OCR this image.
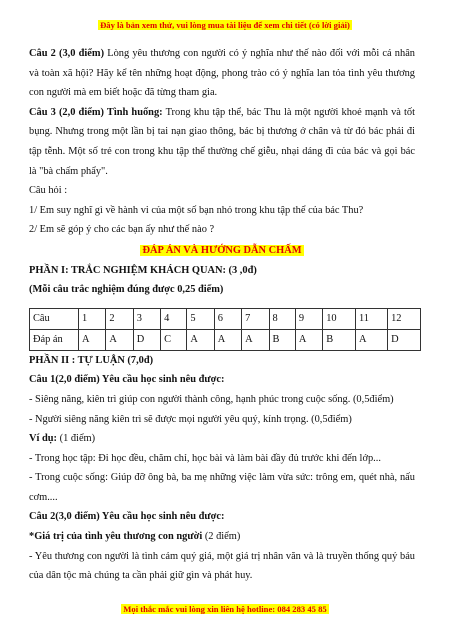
Đây là bản xem thử, vui lòng mua tài liệu để xem chi tiết (có lời giải)

Câu 2 (3,0 điểm) Lòng yêu thương con người có ý nghĩa như thế nào đối với mỗi cá nhân và toàn xã hội? Hãy kể tên những hoạt động, phong trào có ý nghĩa lan tỏa tình yêu thương con người mà em biết hoặc đã từng tham gia.

Câu 3 (2,0 điểm) Tình huống: Trong khu tập thể, bác Thu là một người khoẻ mạnh và tốt bụng. Nhưng trong một lần bị tai nạn giao thông, bác bị thương ở chân và từ đó bác phải đi tập tễnh. Một số trẻ con trong khu tập thể thường chế giễu, nhại dáng đi của bác và gọi bác là "bà chấm phẩy".

Câu hỏi :

1/ Em suy nghĩ gì về hành vi của một số bạn nhỏ trong khu tập thể của bác Thu?

2/ Em sẽ góp ý cho các bạn ấy như thế nào ?

ĐÁP ÁN VÀ HƯỚNG DẪN CHẤM

PHẦN I: TRẮC NGHIỆM KHÁCH QUAN: (3 ,0đ)

(Mỗi câu trắc nghiệm đúng được 0,25 điểm)

Câu	1	2	3	4	5	6	7	8	9	10	11	12
Đáp án	A	A	D	C	A	A	A	B	A	B	A	D

PHẦN II : TỰ LUẬN (7,0đ)

Câu 1(2,0 điểm) Yêu cầu học sinh nêu được:

- Siêng năng, kiên trì giúp con người thành công, hạnh phúc trong cuộc sống. (0,5điểm)

- Người siêng năng kiên trì sẽ được mọi người yêu quý, kính trọng. (0,5điểm)

Ví dụ: (1 điểm)

- Trong học tập: Đi học đều, chăm chỉ, học bài và làm bài đầy đủ trước khi đến lớp...

- Trong cuộc sống: Giúp đỡ ông bà, ba mẹ những việc làm vừa sức: trông em, quét nhà, nấu cơm....

Câu 2(3,0 điểm) Yêu cầu học sinh nêu được:

*Giá trị của tình yêu thương con người (2 điểm)

- Yêu thương con người là tình cảm quý giá, một giá trị nhân văn và là truyền thống quý báu của dân tộc mà chúng ta cần phải giữ gìn và phát huy.

Mọi thắc mắc vui lòng xin liên hệ hotline: 084 283 45 85
